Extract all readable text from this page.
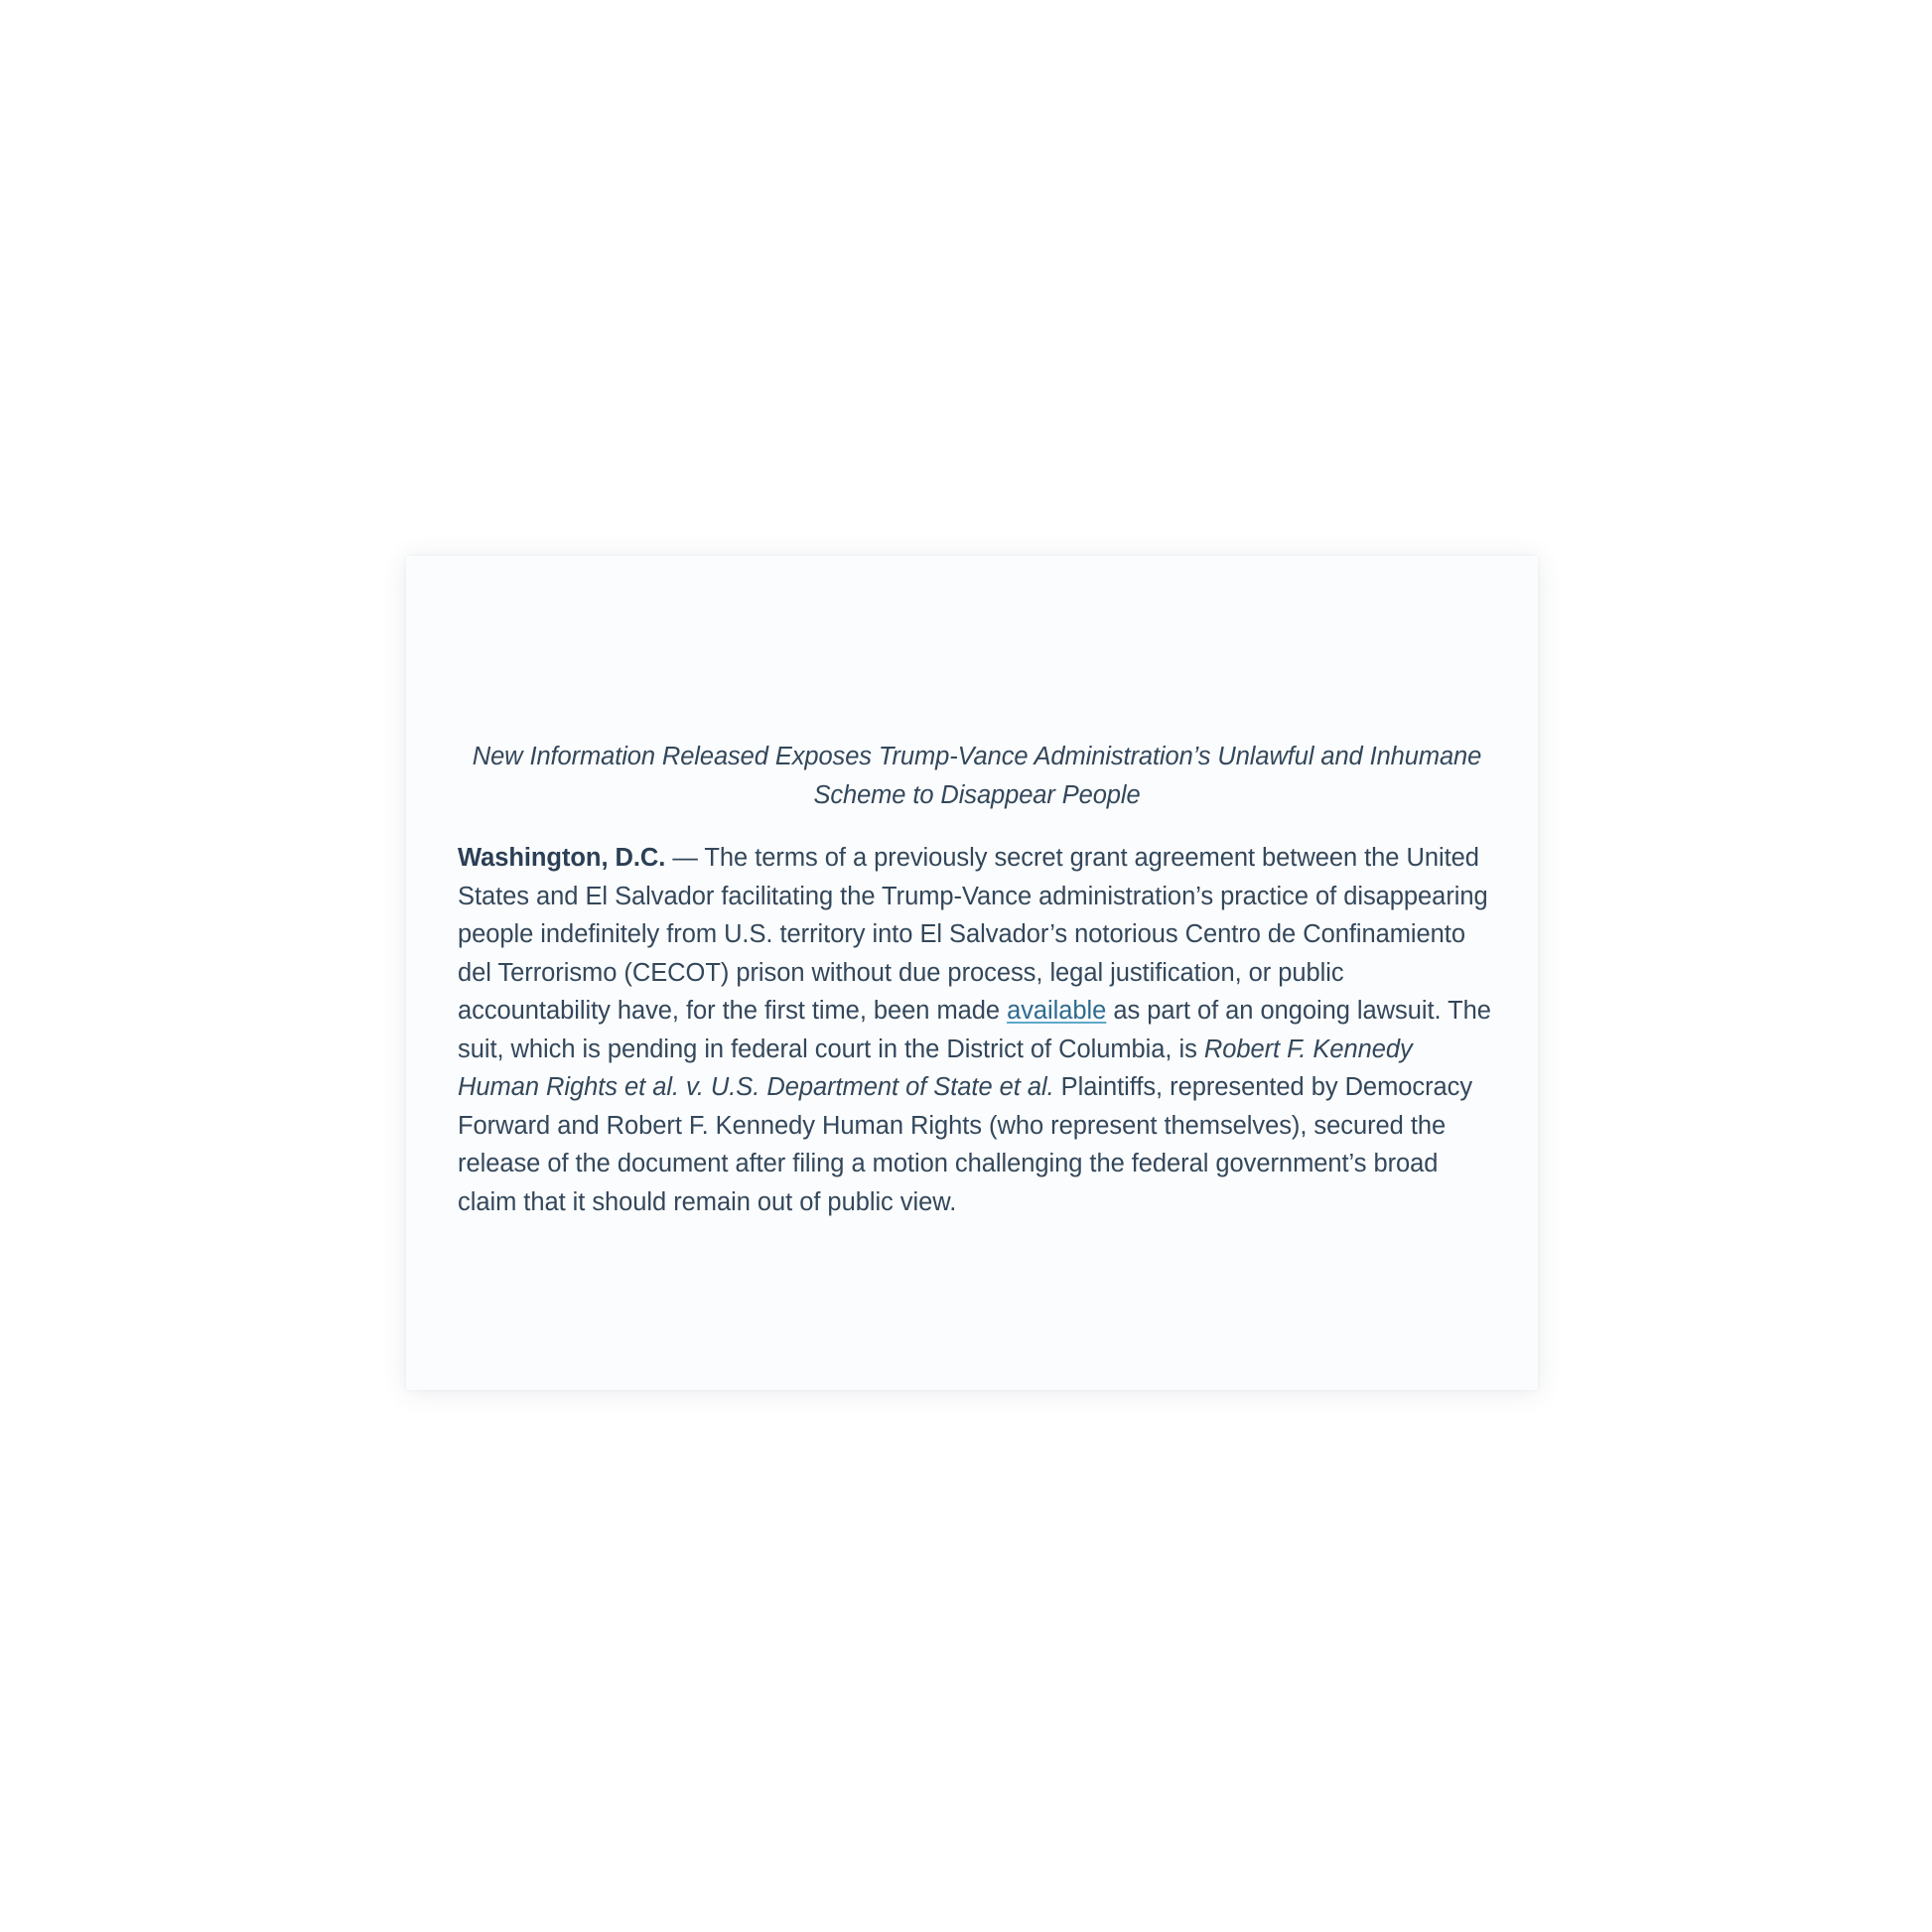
New Information Released Exposes Trump-Vance Administration’s Unlawful and Inhumane Scheme to Disappear People

Washington, D.C. — The terms of a previously secret grant agreement between the United States and El Salvador facilitating the Trump-Vance administration’s practice of disappearing people indefinitely from U.S. territory into El Salvador’s notorious Centro de Confinamiento del Terrorismo (CECOT) prison without due process, legal justification, or public accountability have, for the first time, been made available as part of an ongoing lawsuit. The suit, which is pending in federal court in the District of Columbia, is Robert F. Kennedy Human Rights et al. v. U.S. Department of State et al. Plaintiffs, represented by Democracy Forward and Robert F. Kennedy Human Rights (who represent themselves), secured the release of the document after filing a motion challenging the federal government’s broad claim that it should remain out of public view.
